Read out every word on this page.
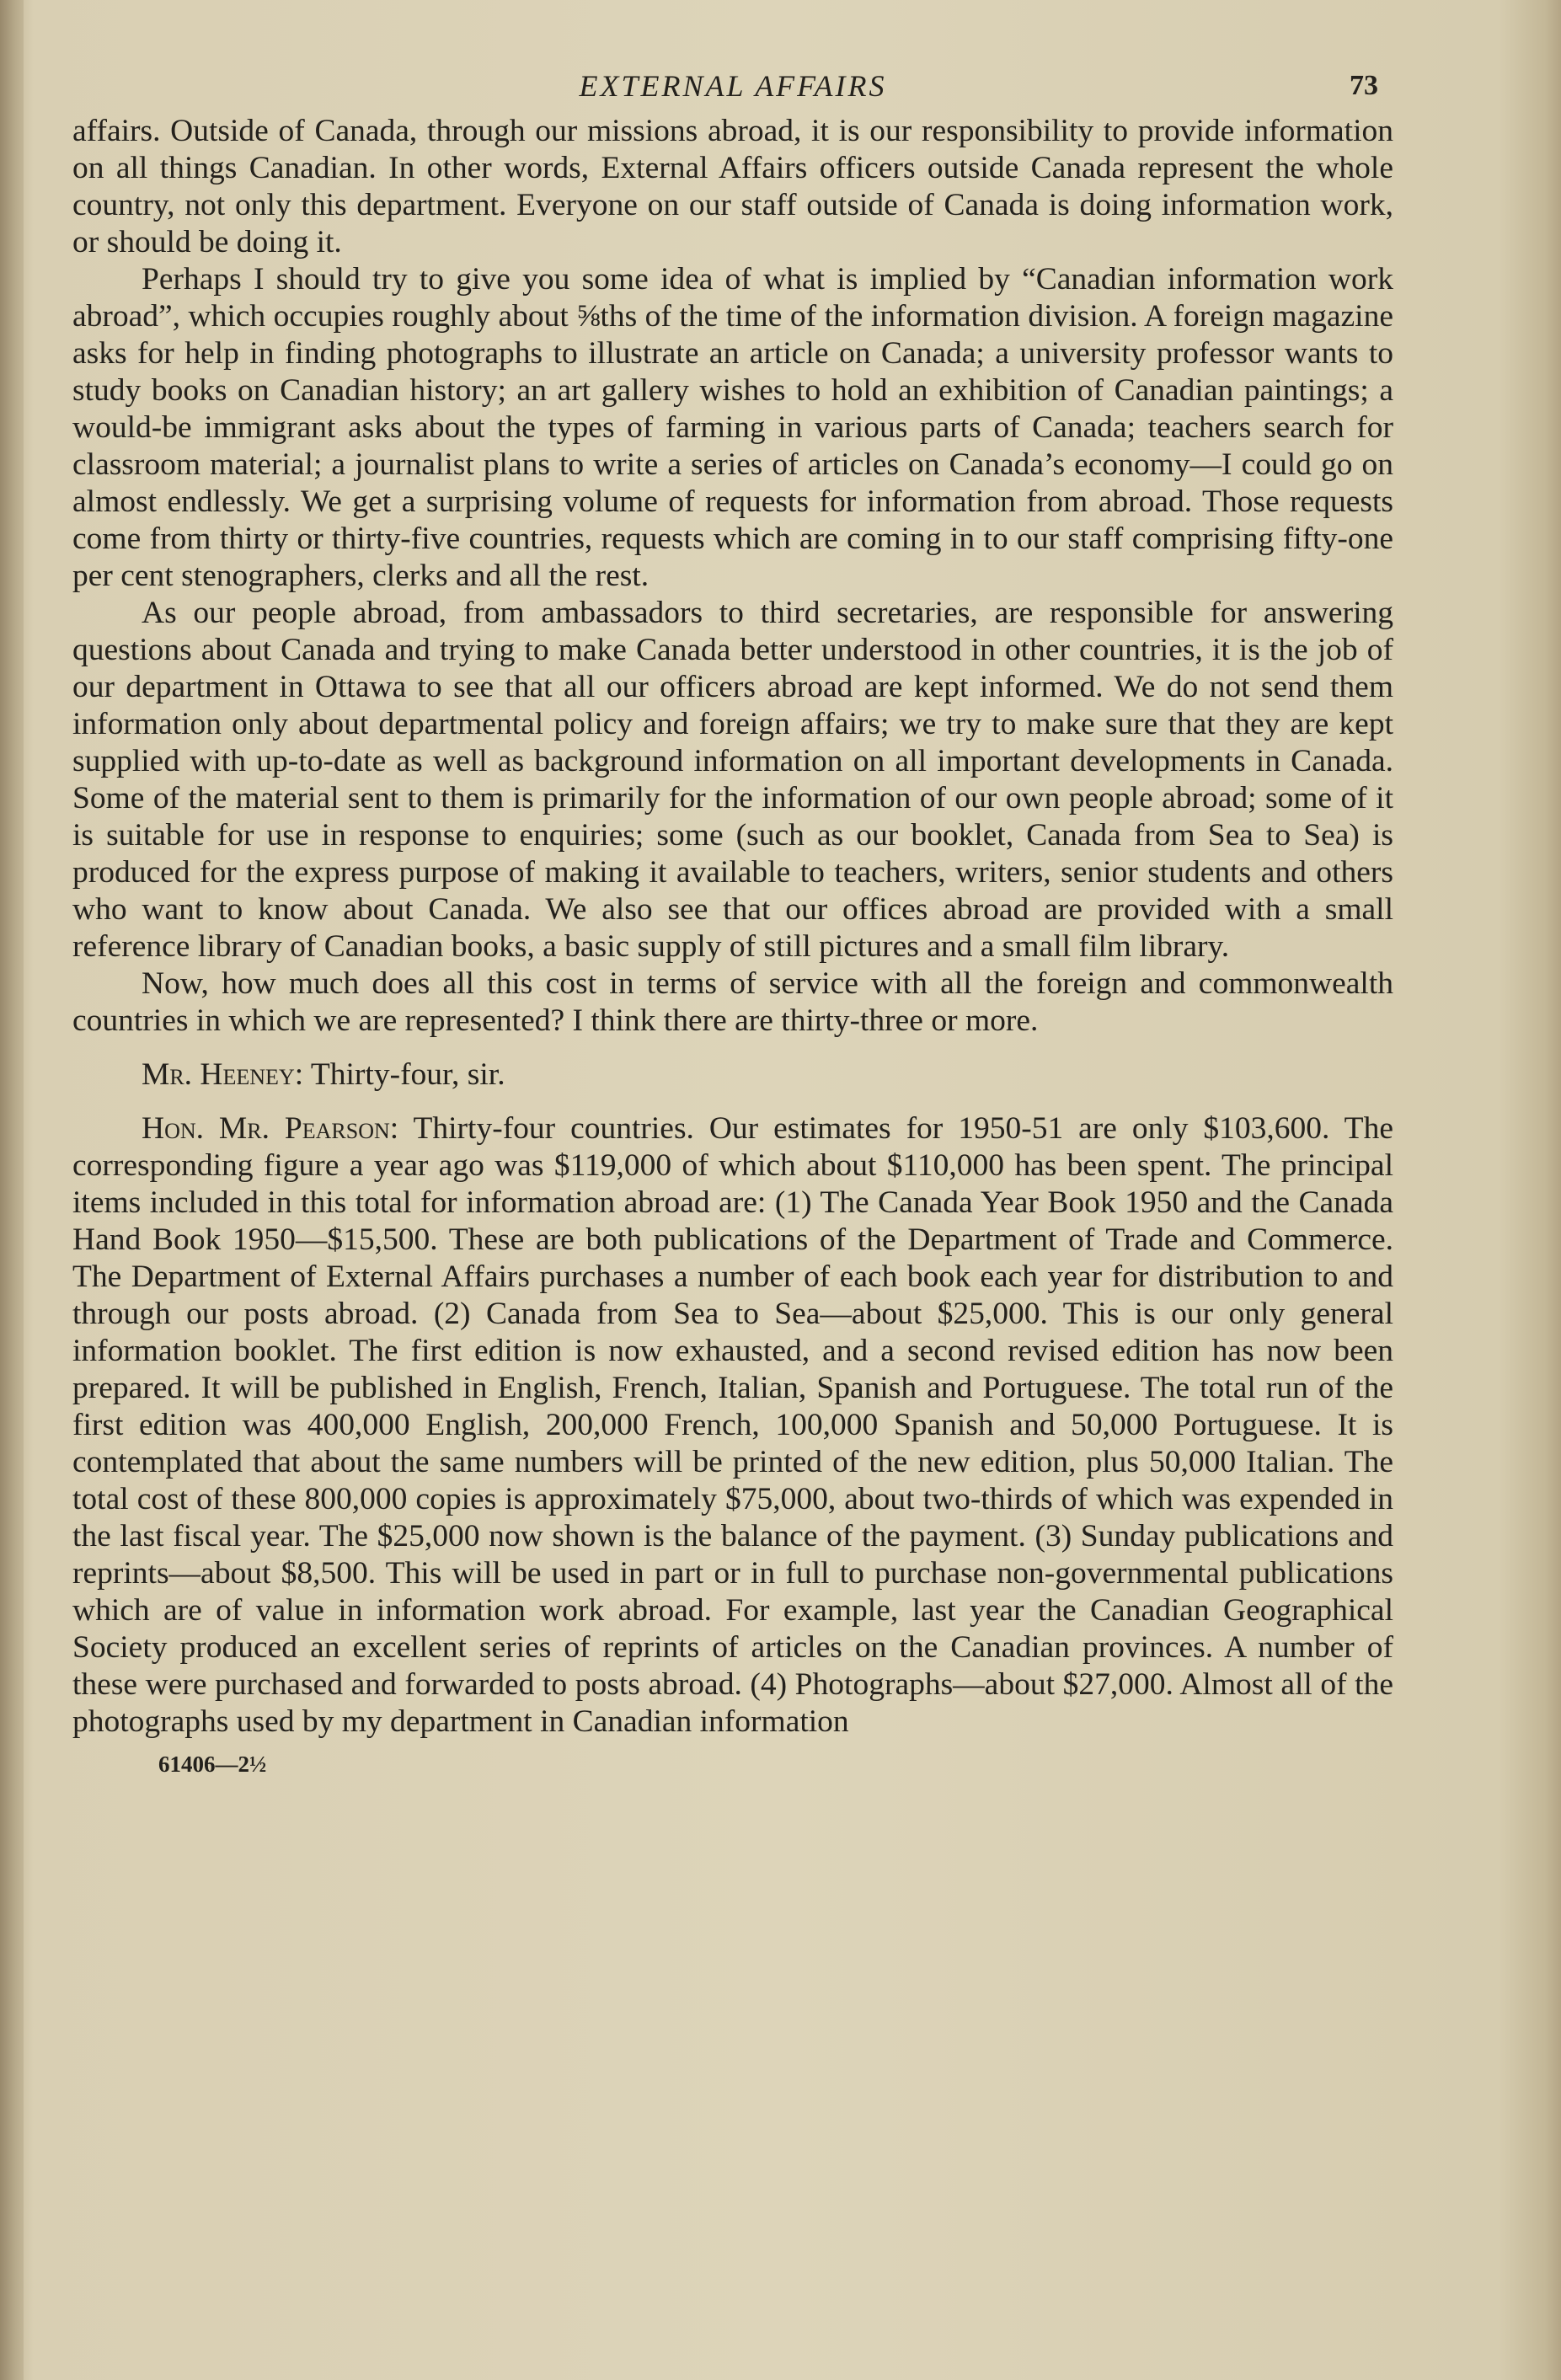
EXTERNAL AFFAIRS	73

affairs. Outside of Canada, through our missions abroad, it is our responsibility to provide information on all things Canadian. In other words, External Affairs officers outside Canada represent the whole country, not only this department. Everyone on our staff outside of Canada is doing information work, or should be doing it.

Perhaps I should try to give you some idea of what is implied by “Canadian information work abroad”, which occupies roughly about ⅝ths of the time of the information division. A foreign magazine asks for help in finding photographs to illustrate an article on Canada; a university professor wants to study books on Canadian history; an art gallery wishes to hold an exhibition of Canadian paintings; a would-be immigrant asks about the types of farming in various parts of Canada; teachers search for classroom material; a journalist plans to write a series of articles on Canada’s economy—I could go on almost endlessly. We get a surprising volume of requests for information from abroad. Those requests come from thirty or thirty-five countries, requests which are coming in to our staff comprising fifty-one per cent stenographers, clerks and all the rest.

As our people abroad, from ambassadors to third secretaries, are responsible for answering questions about Canada and trying to make Canada better understood in other countries, it is the job of our department in Ottawa to see that all our officers abroad are kept informed. We do not send them information only about departmental policy and foreign affairs; we try to make sure that they are kept supplied with up-to-date as well as background information on all important developments in Canada. Some of the material sent to them is primarily for the information of our own people abroad; some of it is suitable for use in response to enquiries; some (such as our booklet, Canada from Sea to Sea) is produced for the express purpose of making it available to teachers, writers, senior students and others who want to know about Canada. We also see that our offices abroad are provided with a small reference library of Canadian books, a basic supply of still pictures and a small film library.

Now, how much does all this cost in terms of service with all the foreign and commonwealth countries in which we are represented? I think there are thirty-three or more.

Mr. Heeney: Thirty-four, sir.

Hon. Mr. Pearson: Thirty-four countries. Our estimates for 1950-51 are only $103,600. The corresponding figure a year ago was $119,000 of which about $110,000 has been spent. The principal items included in this total for information abroad are: (1) The Canada Year Book 1950 and the Canada Hand Book 1950—$15,500. These are both publications of the Department of Trade and Commerce. The Department of External Affairs purchases a number of each book each year for distribution to and through our posts abroad. (2) Canada from Sea to Sea—about $25,000. This is our only general information booklet. The first edition is now exhausted, and a second revised edition has now been prepared. It will be published in English, French, Italian, Spanish and Portuguese. The total run of the first edition was 400,000 English, 200,000 French, 100,000 Spanish and 50,000 Portuguese. It is contemplated that about the same numbers will be printed of the new edition, plus 50,000 Italian. The total cost of these 800,000 copies is approximately $75,000, about two-thirds of which was expended in the last fiscal year. The $25,000 now shown is the balance of the payment. (3) Sunday publications and reprints—about $8,500. This will be used in part or in full to purchase non-governmental publications which are of value in information work abroad. For example, last year the Canadian Geographical Society produced an excellent series of reprints of articles on the Canadian provinces. A number of these were purchased and forwarded to posts abroad. (4) Photographs—about $27,000. Almost all of the photographs used by my department in Canadian information

61406—2½
